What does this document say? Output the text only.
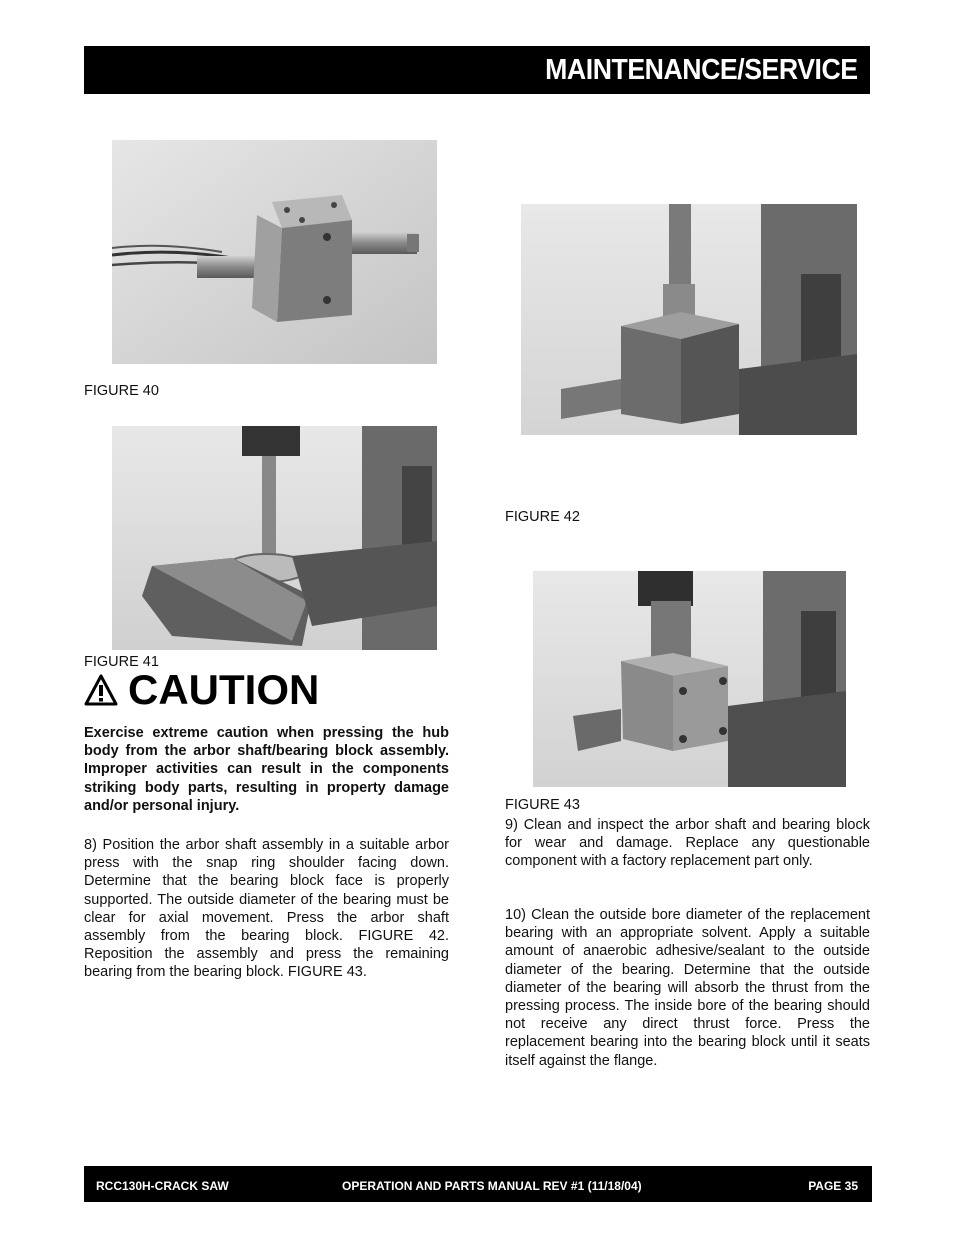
MAINTENANCE/SERVICE
FIGURE 40
FIGURE 41
FIGURE 42
FIGURE 43
CAUTION

Exercise extreme caution when pressing the hub body from the arbor shaft/bearing block assembly. Improper activities can result in the components striking body parts, resulting in property damage and/or personal injury.

8) Position the arbor shaft assembly in a suitable arbor press with the snap ring shoulder facing down. Determine that the bearing block face is properly supported. The outside diameter of the bearing must be clear for axial movement. Press the arbor shaft assembly from the bearing block. FIGURE 42. Reposition the assembly and press the remaining bearing from the bearing block. FIGURE 43.

9) Clean and inspect the arbor shaft and bearing block for wear and damage. Replace any questionable component with a factory replacement part only.

10) Clean the outside bore diameter of the replacement bearing with an appropriate solvent. Apply a suitable amount of anaerobic adhesive/sealant to the outside diameter of the bearing. Determine that the outside diameter of the bearing will absorb the thrust from the pressing process. The inside bore of the bearing should not receive any direct thrust force. Press the replacement bearing into the bearing block until it seats itself against the flange.

RCC130H-CRACK SAW	OPERATION AND PARTS MANUAL REV #1 (11/18/04)	PAGE 35
